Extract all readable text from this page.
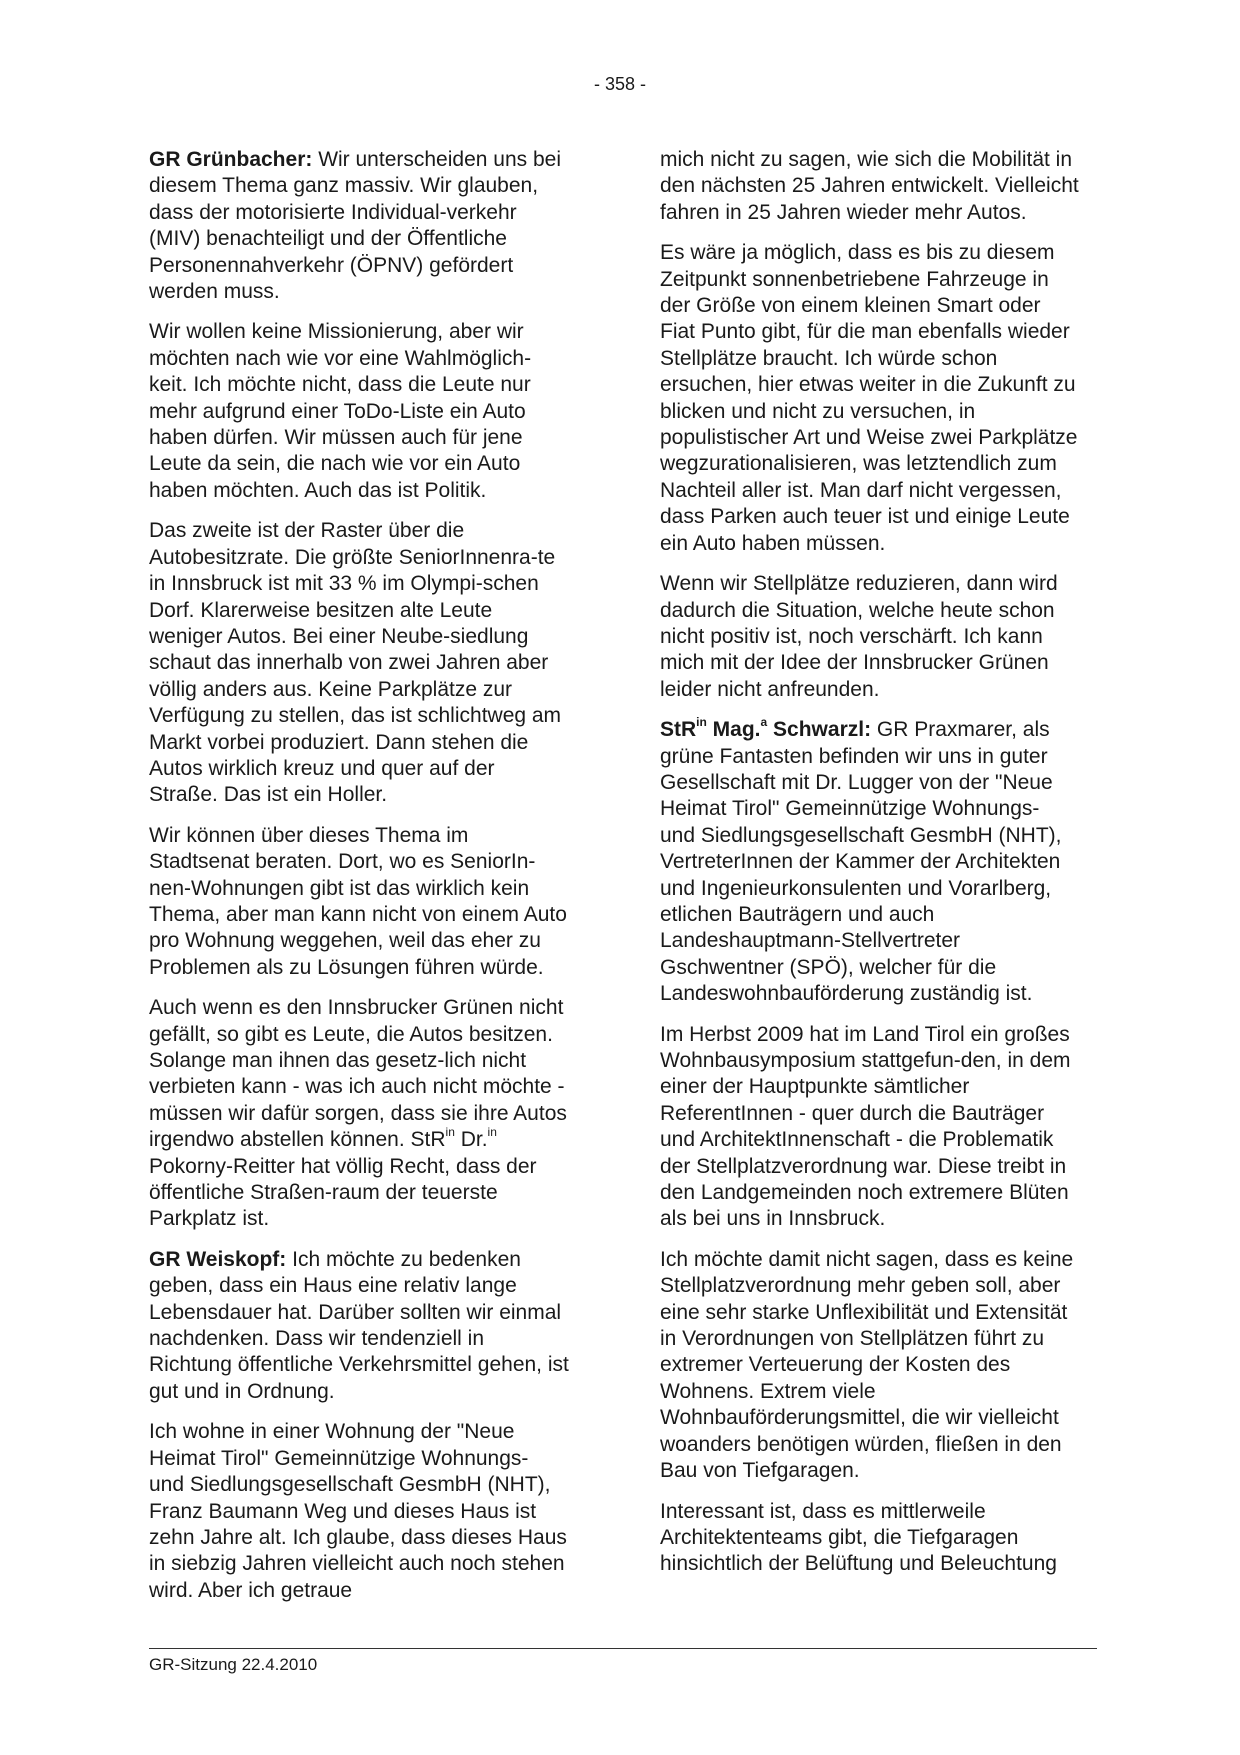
- 358 -

GR Grünbacher: Wir unterscheiden uns bei diesem Thema ganz massiv. Wir glauben, dass der motorisierte Individual-verkehr (MIV) benachteiligt und der Öffentliche Personennahverkehr (ÖPNV) gefördert werden muss.

Wir wollen keine Missionierung, aber wir möchten nach wie vor eine Wahlmöglich-keit. Ich möchte nicht, dass die Leute nur mehr aufgrund einer ToDo-Liste ein Auto haben dürfen. Wir müssen auch für jene Leute da sein, die nach wie vor ein Auto haben möchten. Auch das ist Politik.

Das zweite ist der Raster über die Autobesitzrate. Die größte SeniorInnenra-te in Innsbruck ist mit 33 % im Olympi-schen Dorf. Klarerweise besitzen alte Leute weniger Autos. Bei einer Neube-siedlung schaut das innerhalb von zwei Jahren aber völlig anders aus. Keine Parkplätze zur Verfügung zu stellen, das ist schlichtweg am Markt vorbei produziert. Dann stehen die Autos wirklich kreuz und quer auf der Straße. Das ist ein Holler.

Wir können über dieses Thema im Stadtsenat beraten. Dort, wo es SeniorIn-nen-Wohnungen gibt ist das wirklich kein Thema, aber man kann nicht von einem Auto pro Wohnung weggehen, weil das eher zu Problemen als zu Lösungen führen würde.

Auch wenn es den Innsbrucker Grünen nicht gefällt, so gibt es Leute, die Autos besitzen. Solange man ihnen das gesetz-lich nicht verbieten kann - was ich auch nicht möchte - müssen wir dafür sorgen, dass sie ihre Autos irgendwo abstellen können. StR$^{in}$ Dr.$^{in}$ Pokorny-Reitter hat völlig Recht, dass der öffentliche Straßen-raum der teuerste Parkplatz ist.

GR Weiskopf: Ich möchte zu bedenken geben, dass ein Haus eine relativ lange Lebensdauer hat. Darüber sollten wir einmal nachdenken. Dass wir tendenziell in Richtung öffentliche Verkehrsmittel gehen, ist gut und in Ordnung.

Ich wohne in einer Wohnung der "Neue Heimat Tirol" Gemeinnützige Wohnungs- und Siedlungsgesellschaft GesmbH (NHT), Franz Baumann Weg und dieses Haus ist zehn Jahre alt. Ich glaube, dass dieses Haus in siebzig Jahren vielleicht auch noch stehen wird. Aber ich getraue

mich nicht zu sagen, wie sich die Mobilität in den nächsten 25 Jahren entwickelt. Vielleicht fahren in 25 Jahren wieder mehr Autos.

Es wäre ja möglich, dass es bis zu diesem Zeitpunkt sonnenbetriebene Fahrzeuge in der Größe von einem kleinen Smart oder Fiat Punto gibt, für die man ebenfalls wieder Stellplätze braucht. Ich würde schon ersuchen, hier etwas weiter in die Zukunft zu blicken und nicht zu versuchen, in populistischer Art und Weise zwei Parkplätze wegzurationalisieren, was letztendlich zum Nachteil aller ist. Man darf nicht vergessen, dass Parken auch teuer ist und einige Leute ein Auto haben müssen.

Wenn wir Stellplätze reduzieren, dann wird dadurch die Situation, welche heute schon nicht positiv ist, noch verschärft. Ich kann mich mit der Idee der Innsbrucker Grünen leider nicht anfreunden.

StR$^{in}$ Mag.$^a$ Schwarzl: GR Praxmarer, als grüne Fantasten befinden wir uns in guter Gesellschaft mit Dr. Lugger von der "Neue Heimat Tirol" Gemeinnützige Wohnungs- und Siedlungsgesellschaft GesmbH (NHT), VertreterInnen der Kammer der Architekten und Ingenieurkonsulenten und Vorarlberg, etlichen Bauträgern und auch Landeshauptmann-Stellvertreter Gschwentner (SPÖ), welcher für die Landeswohnbauförderung zuständig ist.

Im Herbst 2009 hat im Land Tirol ein großes Wohnbausymposium stattgefun-den, in dem einer der Hauptpunkte sämtlicher ReferentInnen - quer durch die Bauträger und ArchitektInnenschaft - die Problematik der Stellplatzverordnung war. Diese treibt in den Landgemeinden noch extremere Blüten als bei uns in Innsbruck.

Ich möchte damit nicht sagen, dass es keine Stellplatzverordnung mehr geben soll, aber eine sehr starke Unflexibilität und Extensität in Verordnungen von Stellplätzen führt zu extremer Verteuerung der Kosten des Wohnens. Extrem viele Wohnbauförderungsmittel, die wir vielleicht woanders benötigen würden, fließen in den Bau von Tiefgaragen.

Interessant ist, dass es mittlerweile Architektenteams gibt, die Tiefgaragen hinsichtlich der Belüftung und Beleuchtung

GR-Sitzung 22.4.2010
